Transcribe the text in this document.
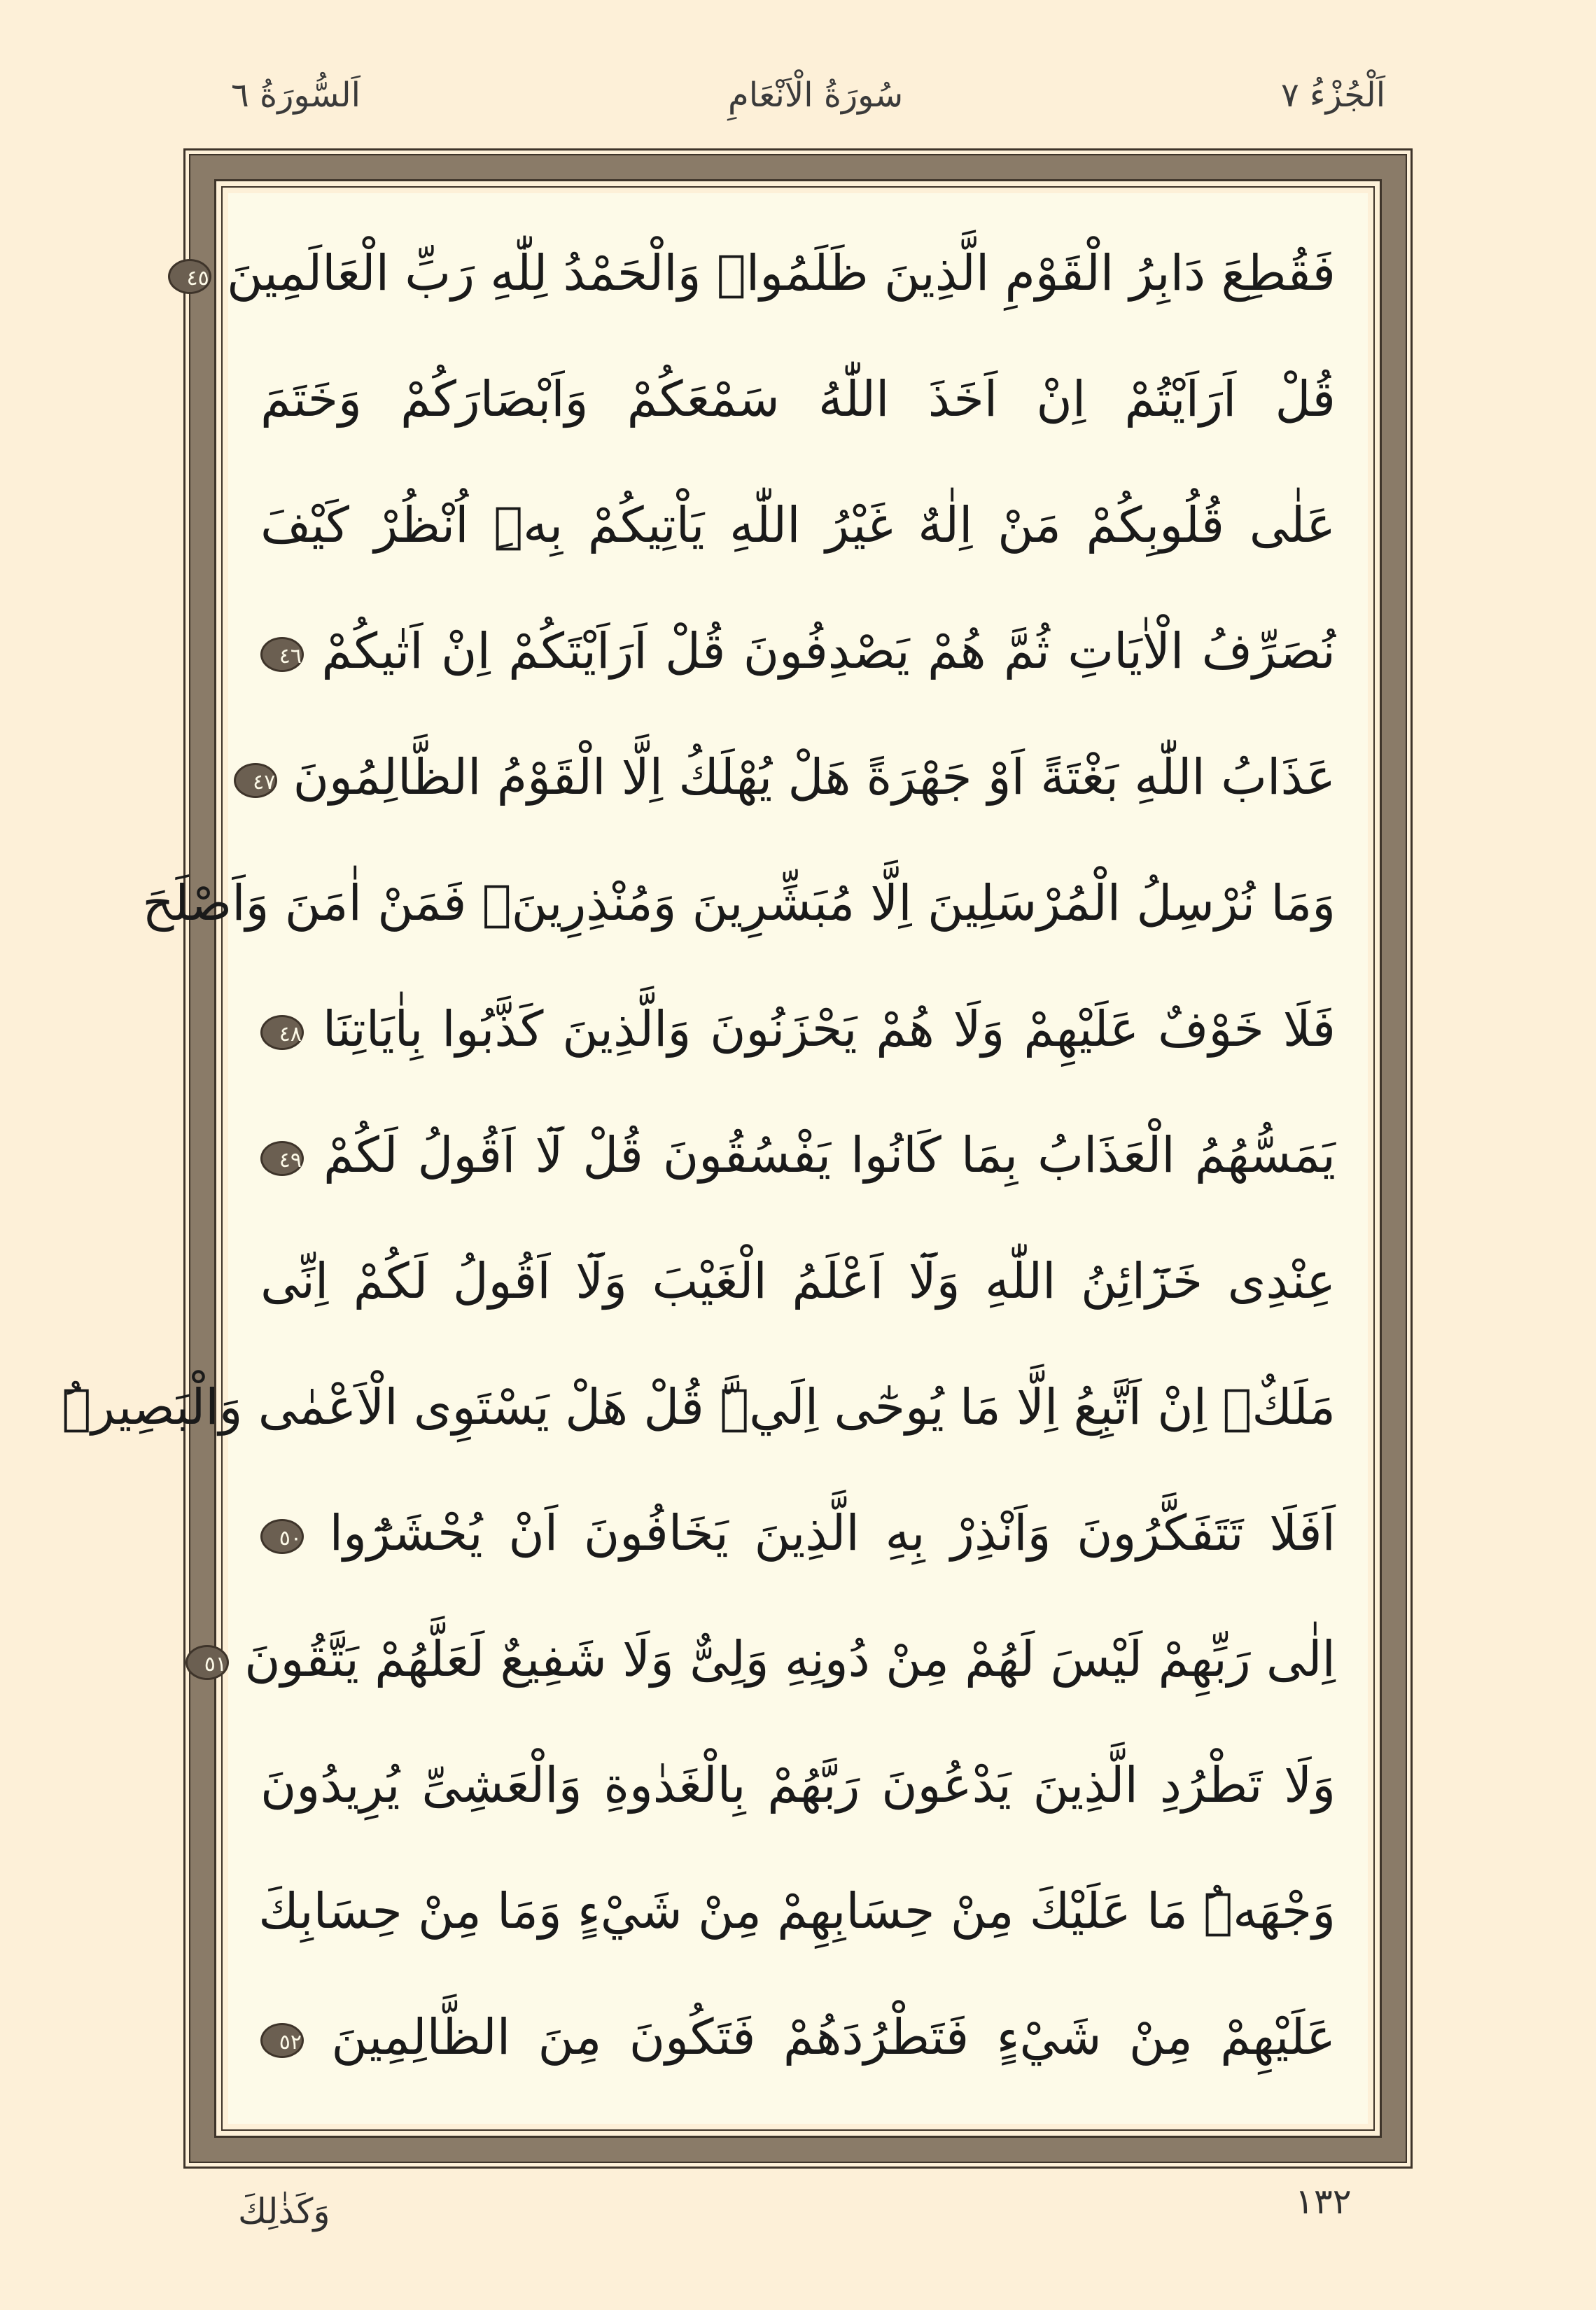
اَلْجُزْءُ ٧
سُورَةُ الْاَنْعَامِ
اَلسُّورَةُ ٦
فَقُطِعَ دَابِرُ الْقَوْمِ الَّذِينَ ظَلَمُواۜ وَالْحَمْدُ لِلّٰهِ رَبِّ الْعَالَمِينَ ٤٥
قُلْ اَرَاَيْتُمْ اِنْ اَخَذَ اللّٰهُ سَمْعَكُمْ وَاَبْصَارَكُمْ وَخَتَمَ
عَلٰى قُلُوبِكُمْ مَنْ اِلٰهٌ غَيْرُ اللّٰهِ يَاْتِيكُمْ بِهِۜ اُنْظُرْ كَيْفَ
نُصَرِّفُ الْاٰيَاتِ ثُمَّ هُمْ يَصْدِفُونَ قُلْ اَرَاَيْتَكُمْ اِنْ اَتٰيكُمْ ٤٦
عَذَابُ اللّٰهِ بَغْتَةً اَوْ جَهْرَةً هَلْ يُهْلَكُ اِلَّا الْقَوْمُ الظَّالِمُونَ ٤٧
وَمَا نُرْسِلُ الْمُرْسَلِينَ اِلَّا مُبَشِّرِينَ وَمُنْذِرِينَۚ فَمَنْ اٰمَنَ وَاَصْلَحَ
فَلَا خَوْفٌ عَلَيْهِمْ وَلَا هُمْ يَحْزَنُونَ وَالَّذِينَ كَذَّبُوا بِاٰيَاتِنَا ٤٨
يَمَسُّهُمُ الْعَذَابُ بِمَا كَانُوا يَفْسُقُونَ قُلْ لَٓا اَقُولُ لَكُمْ ٤٩
عِنْدِى خَزَٓائِنُ اللّٰهِ وَلَٓا اَعْلَمُ الْغَيْبَ وَلَٓا اَقُولُ لَكُمْ اِنِّى
مَلَكٌۚ اِنْ اَتَّبِعُ اِلَّا مَا يُوحٰٓى اِلَيَّۜ قُلْ هَلْ يَسْتَوِى الْاَعْمٰى وَالْبَصِيرُۜ
اَفَلَا تَتَفَكَّرُونَ وَاَنْذِرْ بِهِ الَّذِينَ يَخَافُونَ اَنْ يُحْشَرُٓوا ٥٠
اِلٰى رَبِّهِمْ لَيْسَ لَهُمْ مِنْ دُونِهِ وَلِىٌّ وَلَا شَفِيعٌ لَعَلَّهُمْ يَتَّقُونَ ٥١
وَلَا تَطْرُدِ الَّذِينَ يَدْعُونَ رَبَّهُمْ بِالْغَدٰوةِ وَالْعَشِىِّ يُرِيدُونَ
وَجْهَهُۜ مَا عَلَيْكَ مِنْ حِسَابِهِمْ مِنْ شَيْءٍ وَمَا مِنْ حِسَابِكَ
عَلَيْهِمْ مِنْ شَيْءٍ فَتَطْرُدَهُمْ فَتَكُونَ مِنَ الظَّالِمِينَ ٥٢
١٣٢
وَكَذٰلِكَ
